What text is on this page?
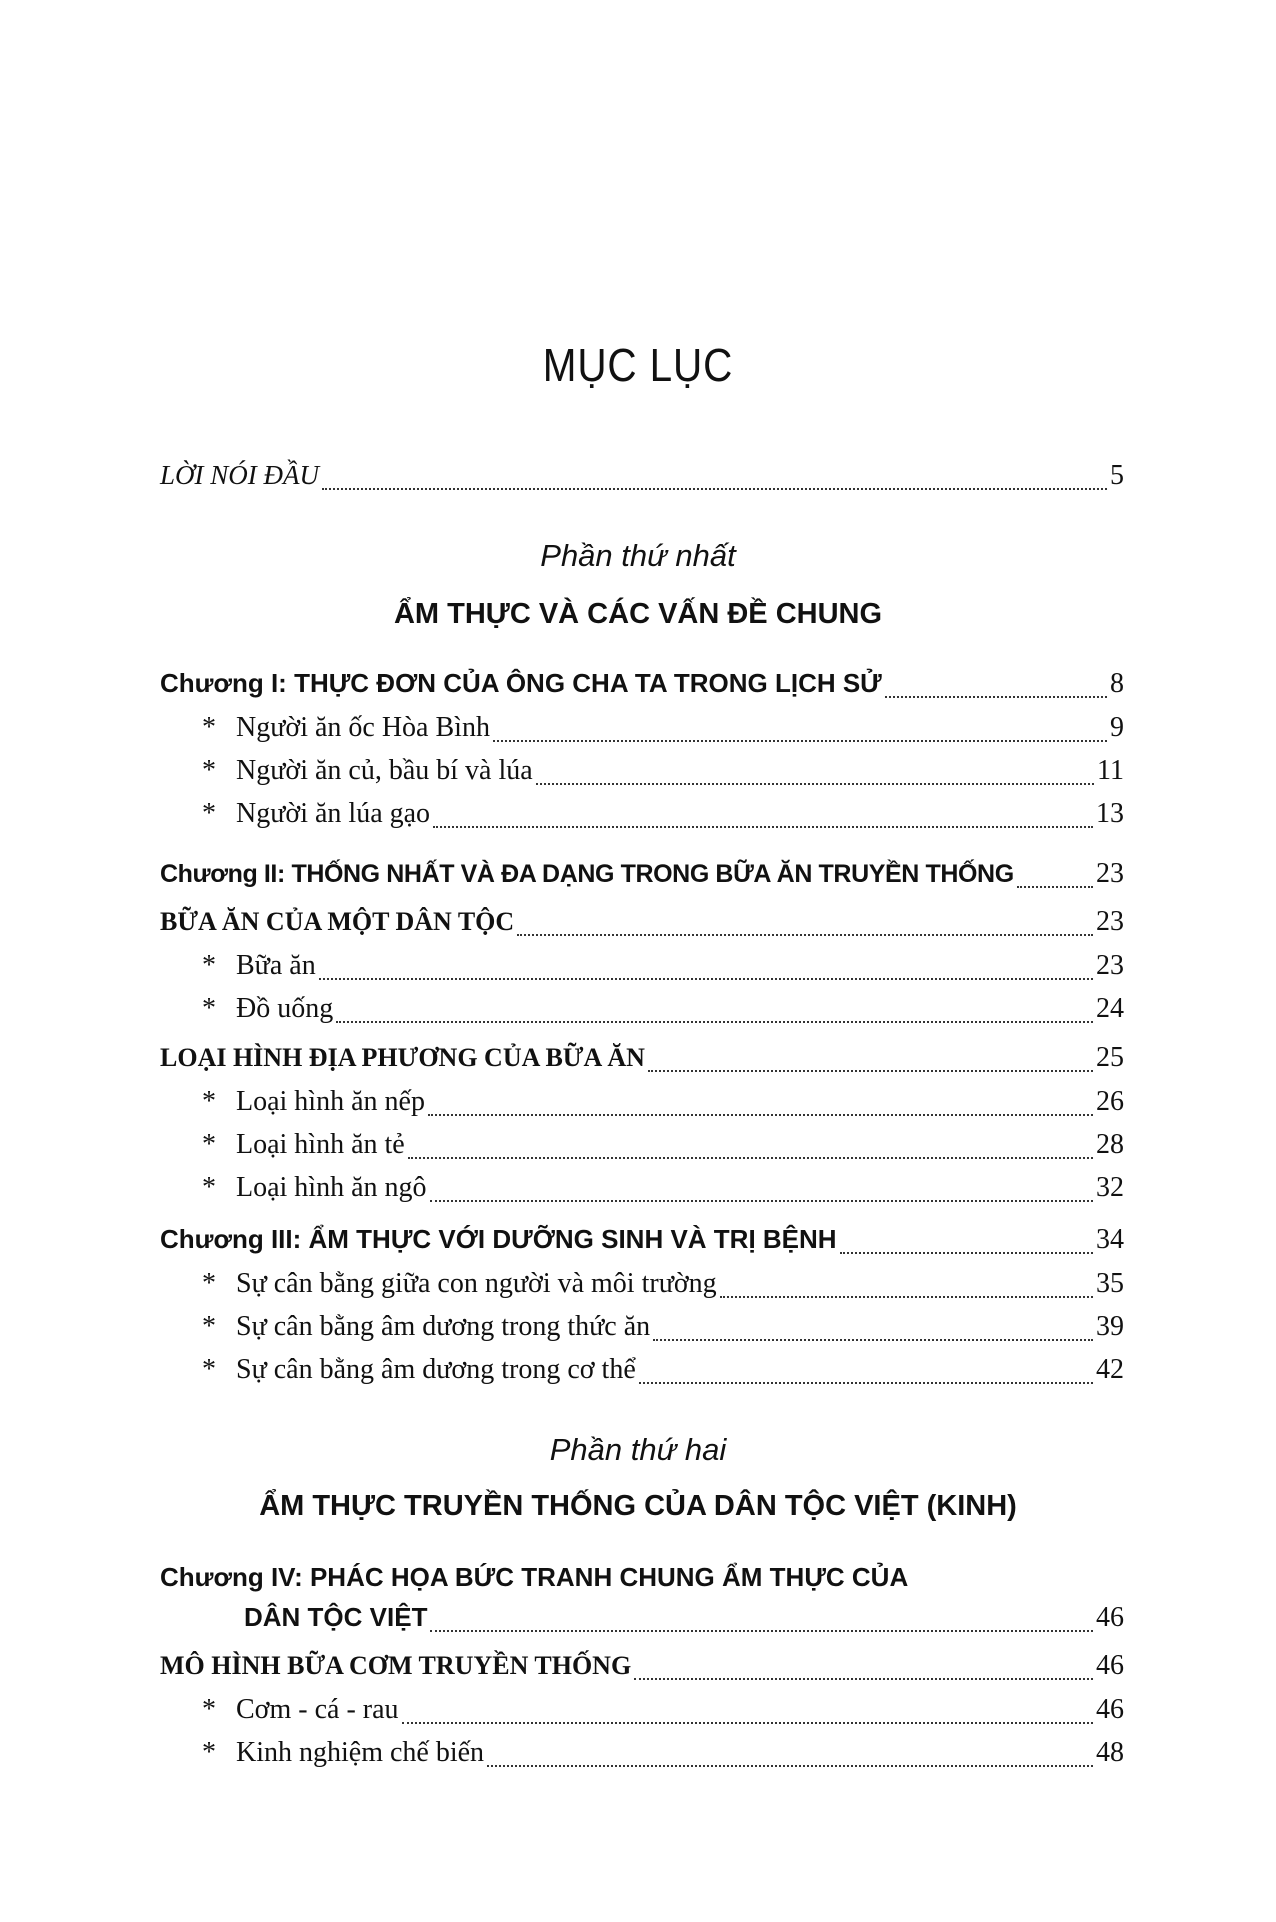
MỤC LỤC
LỜI NÓI ĐẦU	5
Phần thứ nhất
ẨM THỰC VÀ CÁC VẤN ĐỀ CHUNG
Chương I: THỰC ĐƠN CỦA ÔNG CHA TA TRONG LỊCH SỬ	8
* Người ăn ốc Hòa Bình	9
* Người ăn củ, bầu bí và lúa	11
* Người ăn lúa gạo	13
Chương II: THỐNG NHẤT VÀ ĐA DẠNG TRONG BỮA ĂN TRUYỀN THỐNG	23
BỮA ĂN CỦA MỘT DÂN TỘC	23
* Bữa ăn	23
* Đồ uống	24
LOẠI HÌNH ĐỊA PHƯƠNG CỦA BỮA ĂN	25
* Loại hình ăn nếp	26
* Loại hình ăn tẻ	28
* Loại hình ăn ngô	32
Chương III: ẨM THỰC VỚI DƯỠNG SINH VÀ TRỊ BỆNH	34
* Sự cân bằng giữa con người và môi trường	35
* Sự cân bằng âm dương trong thức ăn	39
* Sự cân bằng âm dương trong cơ thể	42
Phần thứ hai
ẨM THỰC TRUYỀN THỐNG CỦA DÂN TỘC VIỆT (KINH)
Chương IV: PHÁC HỌA BỨC TRANH CHUNG ẨM THỰC CỦA
DÂN TỘC VIỆT	46
MÔ HÌNH BỮA CƠM TRUYỀN THỐNG	46
* Cơm - cá - rau	46
* Kinh nghiệm chế biến	48
